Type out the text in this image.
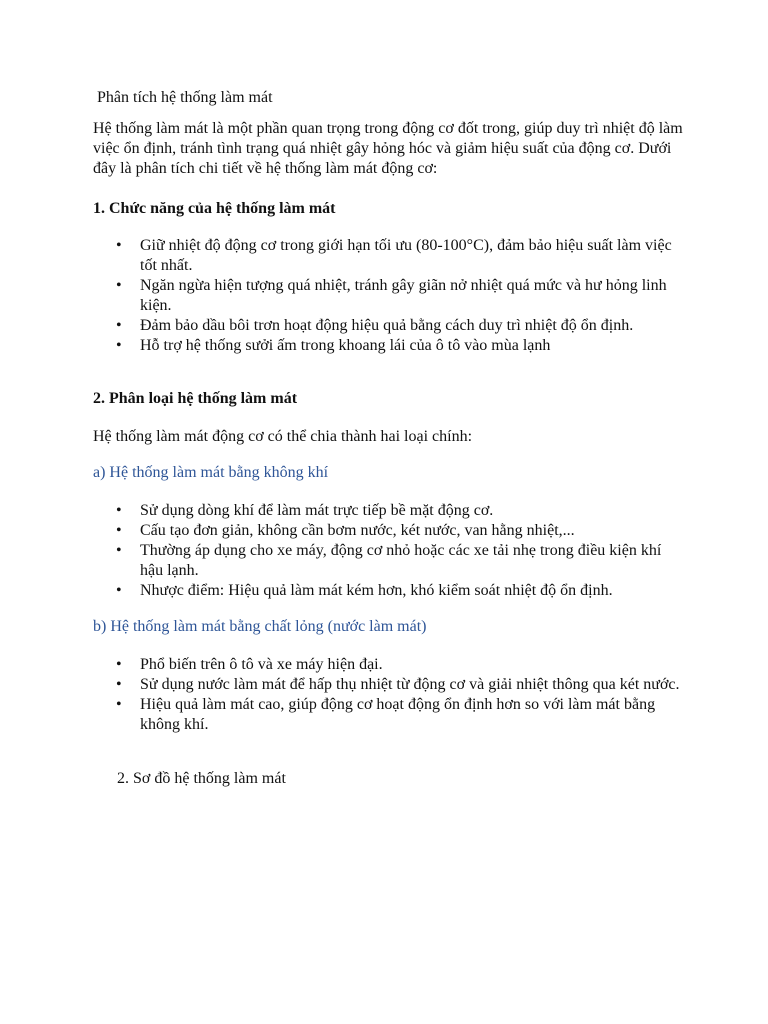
Phân tích hệ thống làm mát

Hệ thống làm mát là một phần quan trọng trong động cơ đốt trong, giúp duy trì nhiệt độ làm việc ổn định, tránh tình trạng quá nhiệt gây hỏng hóc và giảm hiệu suất của động cơ. Dưới đây là phân tích chi tiết về hệ thống làm mát động cơ:

1. Chức năng của hệ thống làm mát
• Giữ nhiệt độ động cơ trong giới hạn tối ưu (80-100°C), đảm bảo hiệu suất làm việc tốt nhất.
• Ngăn ngừa hiện tượng quá nhiệt, tránh gây giãn nở nhiệt quá mức và hư hỏng linh kiện.
• Đảm bảo dầu bôi trơn hoạt động hiệu quả bằng cách duy trì nhiệt độ ổn định.
• Hỗ trợ hệ thống sưởi ấm trong khoang lái của ô tô vào mùa lạnh
2. Phân loại hệ thống làm mát

Hệ thống làm mát động cơ có thể chia thành hai loại chính:

a) Hệ thống làm mát bằng không khí
• Sử dụng dòng khí để làm mát trực tiếp bề mặt động cơ.
• Cấu tạo đơn giản, không cần bơm nước, két nước, van hằng nhiệt,...
• Thường áp dụng cho xe máy, động cơ nhỏ hoặc các xe tải nhẹ trong điều kiện khí hậu lạnh.
• Nhược điểm: Hiệu quả làm mát kém hơn, khó kiểm soát nhiệt độ ổn định.
b) Hệ thống làm mát bằng chất lỏng (nước làm mát)
• Phổ biến trên ô tô và xe máy hiện đại.
• Sử dụng nước làm mát để hấp thụ nhiệt từ động cơ và giải nhiệt thông qua két nước.
• Hiệu quả làm mát cao, giúp động cơ hoạt động ổn định hơn so với làm mát bằng không khí.

2. Sơ đồ hệ thống làm mát
